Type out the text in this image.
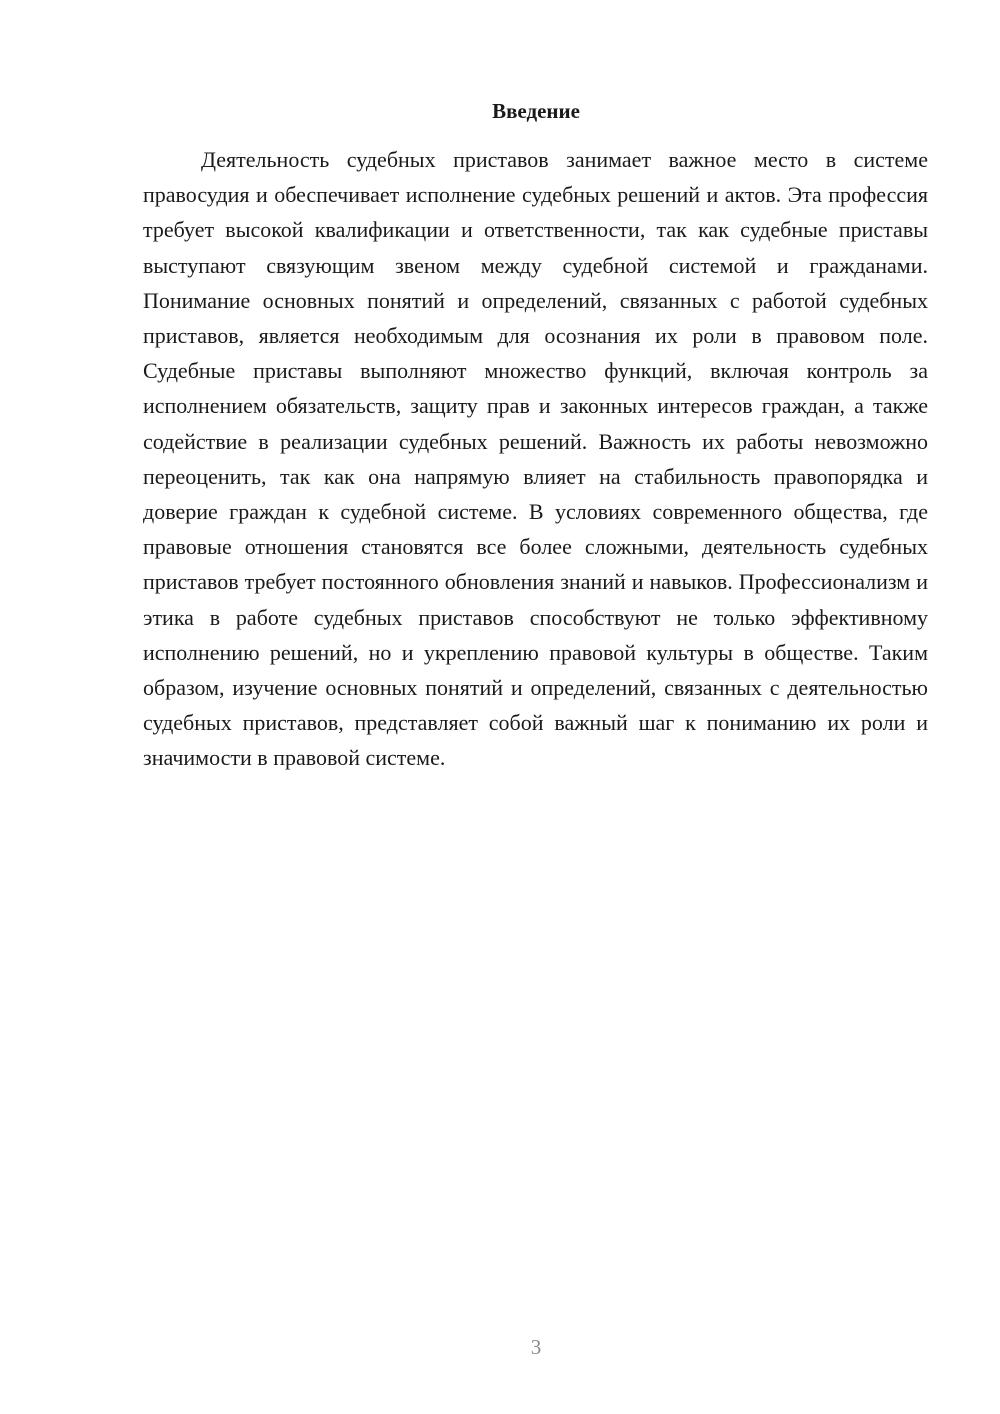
Введение

Деятельность судебных приставов занимает важное место в системе правосудия и обеспечивает исполнение судебных решений и актов. Эта профессия требует высокой квалификации и ответственности, так как судебные приставы выступают связующим звеном между судебной системой и гражданами. Понимание основных понятий и определений, связанных с работой судебных приставов, является необходимым для осознания их роли в правовом поле. Судебные приставы выполняют множество функций, включая контроль за исполнением обязательств, защиту прав и законных интересов граждан, а также содействие в реализации судебных решений. Важность их работы невозможно переоценить, так как она напрямую влияет на стабильность правопорядка и доверие граждан к судебной системе. В условиях современного общества, где правовые отношения становятся все более сложными, деятельность судебных приставов требует постоянного обновления знаний и навыков. Профессионализм и этика в работе судебных приставов способствуют не только эффективному исполнению решений, но и укреплению правовой культуры в обществе. Таким образом, изучение основных понятий и определений, связанных с деятельностью судебных приставов, представляет собой важный шаг к пониманию их роли и значимости в правовой системе.

3
